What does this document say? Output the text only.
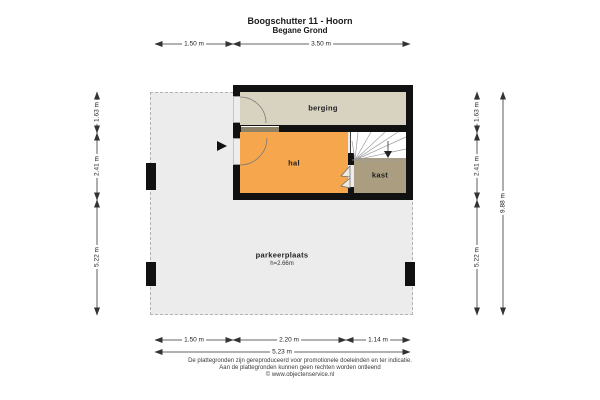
Boogschutter 11 - Hoorn
Begane Grond
berging
hal
kast
parkeerplaats
h=2.66m
1.50 m	3.50 m
1.50 m	2.20 m	1.14 m
5.23 m
1.63 m
2.41 m
5.22 m
1.63 m
2.41 m
5.22 m
9.88 m
De plattegronden zijn gereproduceerd voor promotionele doeleinden en ter indicatie.
Aan de plattegronden kunnen geen rechten worden ontleend
© www.objectenservice.nl
